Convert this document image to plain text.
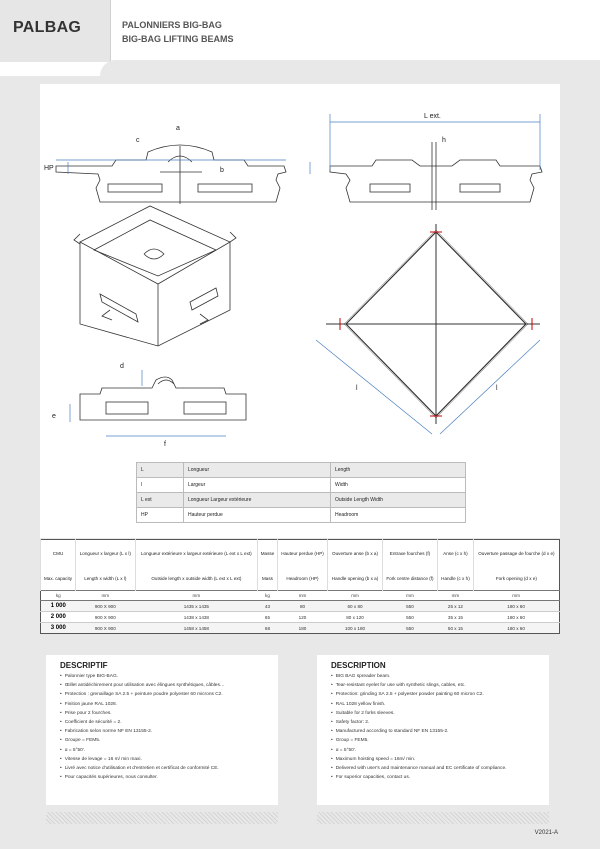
PALBAG	PALONNIERS BIG-BAG
BIG-BAG LIFTING BEAMS
a
c
b
HP
L ext.
h
d
e
f
l	l
L	Longueur	Length
l	Largeur	Width
L ext	Longueur Largeur extérieure	Outside Length Width
HP	Hauteur perdue	Headroom
CMU	Longueur x largeur (L x l)	Longueur extérieure x largeur extérieure (L ext x L ext)	Masse	Hauteur perdue (HP)	Ouverture anse (b x a)	Entraxe fourches (f)	Anse (c x h)	Ouverture passage de fourche (d x e)
Max. capacity	Length x width (L x l)	Outside length x outside width (L ext x L ext)	Mass	Headroom (HP)	Handle opening (b x a)	Fork centre distance (f)	Handle (c x h)	Fork opening (d x e)
kg	mm	mm	kg	mm	mm	mm	mm	mm
1 000	900 X 900	1435 x 1435	43	80	60 x 80	550	25 x 12	180 x 60
2 000	900 X 900	1438 x 1438	65	120	80 x 120	550	35 x 15	180 x 60
3 000	900 X 900	1458 x 1458	68	180	100 x 180	550	50 x 15	180 x 60
DESCRIPTIF
• Palonnier type BIG-BAG.
• Œillet antidéchirement pour utilisation avec élingues synthétiques, câbles…
• Protection : grenaillage SA 2.5 + peinture poudre polyester 60 microns C2.
• Finition jaune RAL 1028.
• Prise pour 2 fourches.
• Coefficient de sécurité = 2.
• Fabrication selon norme NF EN 13155-2.
• Groupe = FEM5.
• α = 5°50'.
• Vitesse de levage = 16 m/ min maxi.
• Livré avec notice d'utilisation et d'entretien et certificat de conformité CE.
• Pour capacités supérieures, nous consulter.
DESCRIPTION
• BIG BAG spreader beam.
• Tear-resistant eyelet for use with synthetic slings, cables, etc.
• Protection: grinding SA 2.5 + polyester powder painting 60 micron C2.
• RAL 1028 yellow finish.
• Suitable for 2 forks sleeves.
• Safety factor: 2.
• Manufactured according to standard NF EN 13155-2.
• Group = FEM5.
• α = 5°50'.
• Maximum hoisting speed = 16m/ min.
• Delivered with user's and maintenance manual and EC certificate of compliance.
• For superior capacities, contact us.
V2021-A
